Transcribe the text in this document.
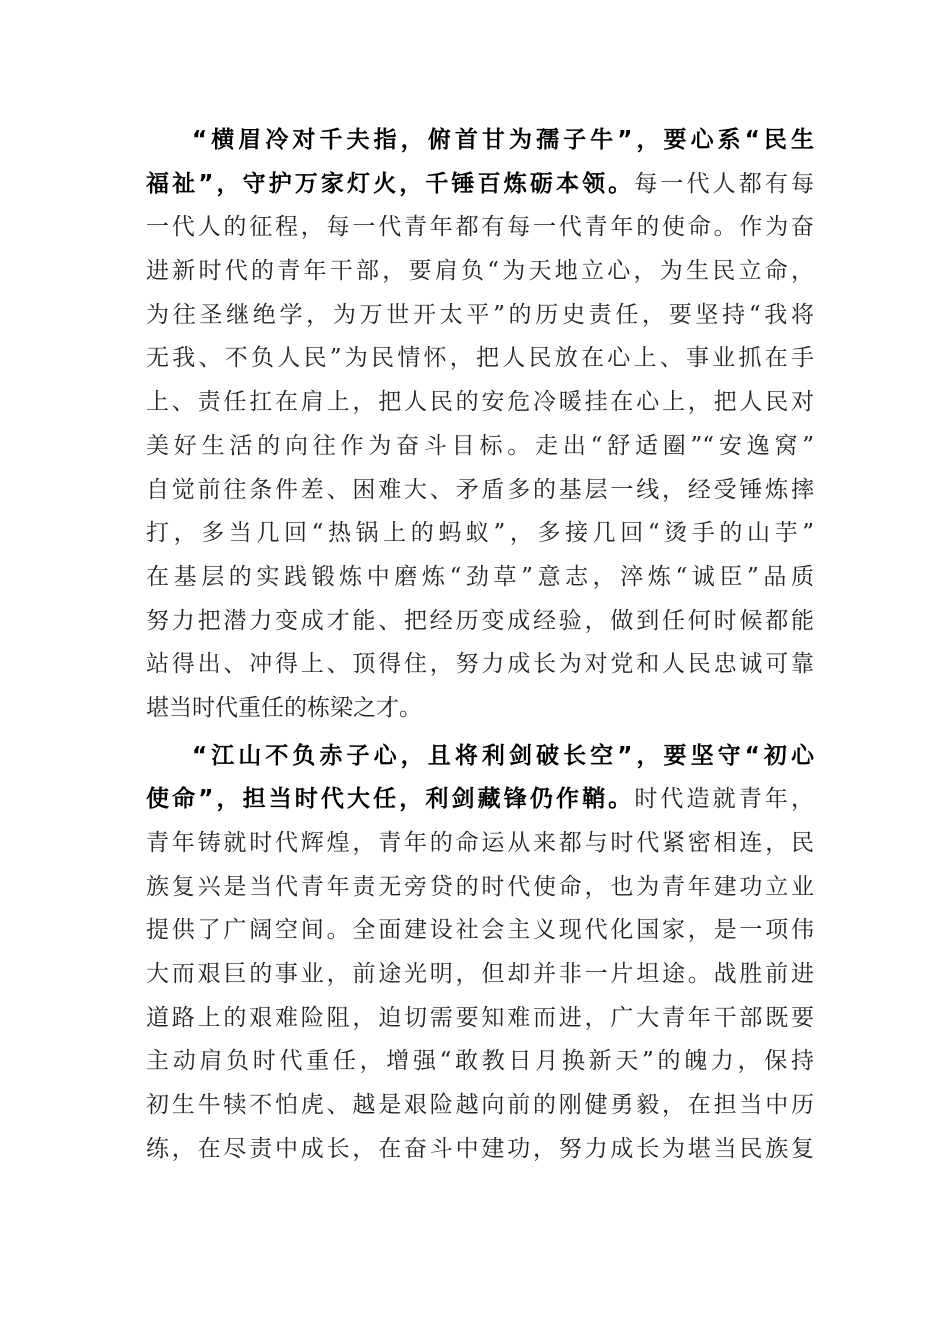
“横眉冷对千夫指，俯首甘为孺子牛”，要心系“民生
福祉”，守护万家灯火，千锤百炼砺本领。每一代人都有每
一代人的征程，每一代青年都有每一代青年的使命。作为奋
进新时代的青年干部，要肩负“为天地立心，为生民立命，
为往圣继绝学，为万世开太平”的历史责任，要坚持“我将
无我、不负人民”为民情怀，把人民放在心上、事业抓在手
上、责任扛在肩上，把人民的安危冷暖挂在心上，把人民对
美好生活的向往作为奋斗目标。走出“舒适圈”“安逸窝”
自觉前往条件差、困难大、矛盾多的基层一线，经受锤炼摔
打，多当几回“热锅上的蚂蚁”，多接几回“烫手的山芋”
在基层的实践锻炼中磨炼“劲草”意志，淬炼“诚臣”品质
努力把潜力变成才能、把经历变成经验，做到任何时候都能
站得出、冲得上、顶得住，努力成长为对党和人民忠诚可靠
堪当时代重任的栋梁之才。
“江山不负赤子心，且将利剑破长空”，要坚守“初心
使命”，担当时代大任，利剑藏锋仍作鞘。时代造就青年，
青年铸就时代辉煌，青年的命运从来都与时代紧密相连，民
族复兴是当代青年责无旁贷的时代使命，也为青年建功立业
提供了广阔空间。全面建设社会主义现代化国家，是一项伟
大而艰巨的事业，前途光明，但却并非一片坦途。战胜前进
道路上的艰难险阻，迫切需要知难而进，广大青年干部既要
主动肩负时代重任，增强“敢教日月换新天”的魄力，保持
初生牛犊不怕虎、越是艰险越向前的刚健勇毅，在担当中历
练，在尽责中成长，在奋斗中建功，努力成长为堪当民族复
